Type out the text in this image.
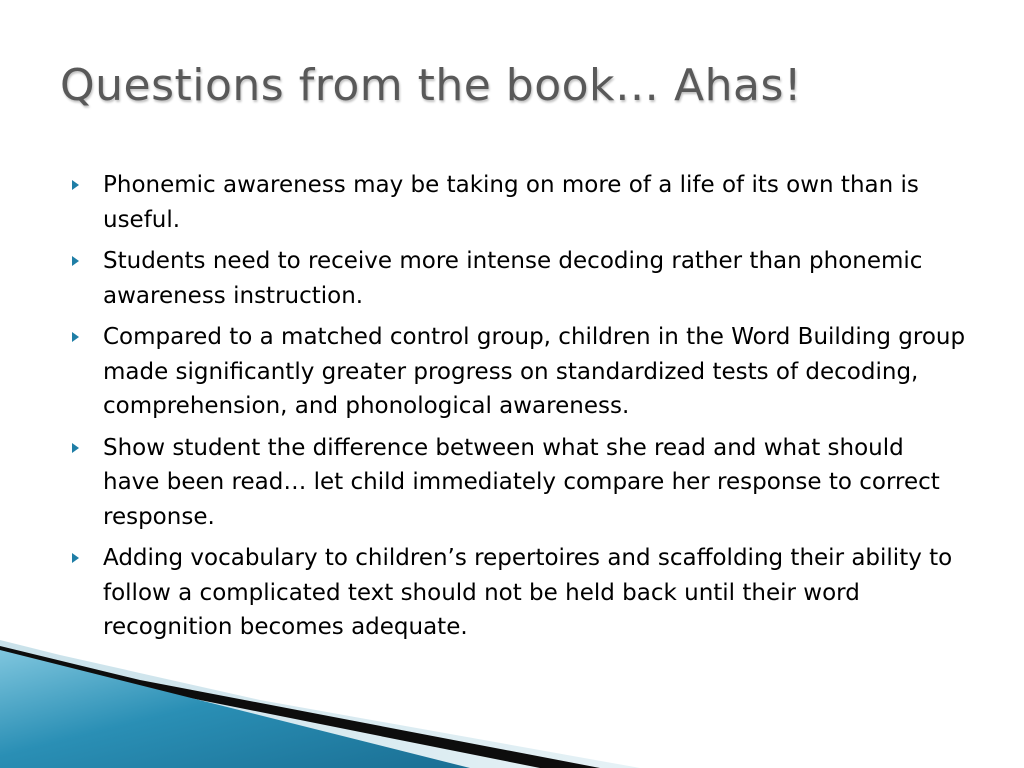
Questions from the book… Ahas!
Phonemic awareness may be taking on more of a life of its own than is useful.
Students need to receive more intense decoding rather than phonemic awareness instruction.
Compared to a matched control group, children in the Word Building group made significantly greater progress on standardized tests of decoding, comprehension, and phonological awareness.
Show student the difference between what she read and what should have been read… let child immediately compare her response to correct response.
Adding vocabulary to children’s repertoires and scaffolding their ability to follow a complicated text should not be held back until their word recognition becomes adequate.
